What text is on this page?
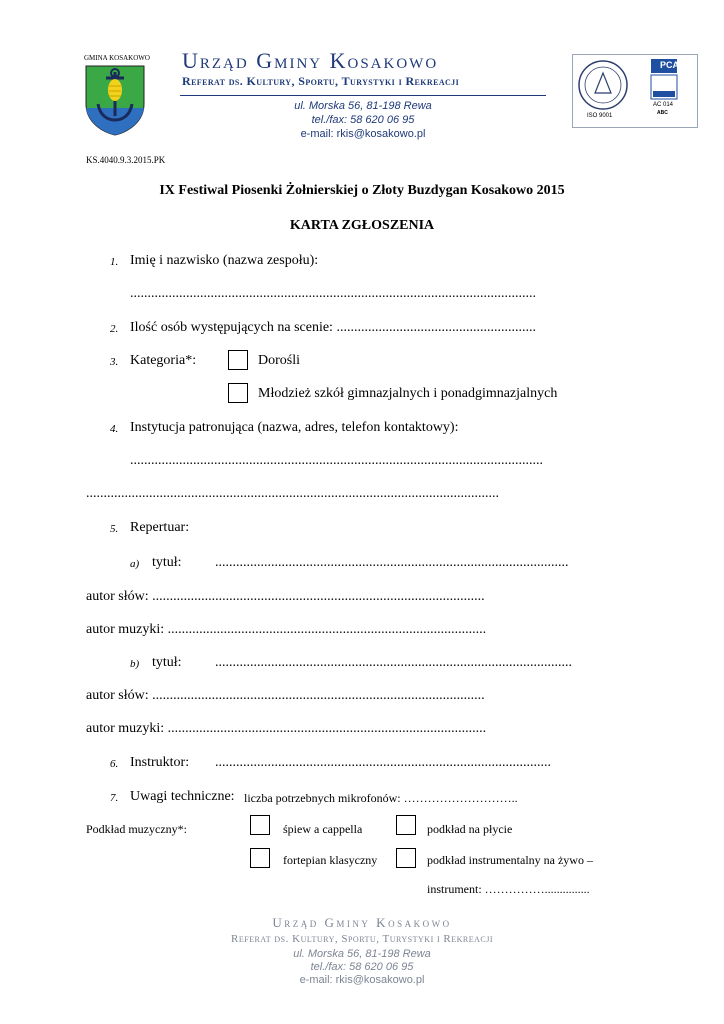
GMINA KOSAKOWO Urząd Gminy Kosakowo
Referat ds. Kultury, Sportu, Turystyki i Rekreacji
ul. Morska 56, 81-198 Rewa
tel./fax: 58 620 06 95
e-mail: rkis@kosakowo.pl
PCA
ISO 9001
AC 014
ABC
KS.4040.9.3.2015.PK
IX Festiwal Piosenki Żołnierskiej o Złoty Buzdygan Kosakowo 2015
KARTA ZGŁOSZENIA
1. Imię i nazwisko (nazwa zespołu):
....................................................................................................................
2. Ilość osób występujących na scenie: .........................................................
3. Kategoria*:	Dorośli
Młodzież szkół gimnazjalnych i ponadgimnazjalnych
4. Instytucja patronująca (nazwa, adres, telefon kontaktowy):
......................................................................................................................
......................................................................................................................
5. Repertuar:
a) tytuł: .....................................................................................................
autor słów: ...............................................................................................
autor muzyki: ...........................................................................................
b) tytuł: ......................................................................................................
autor słów: ...............................................................................................
autor muzyki: ...........................................................................................
6. Instruktor: ................................................................................................
7. Uwagi techniczne: liczba potrzebnych mikrofonów: ………………………..
Podkład muzyczny*:	śpiew a cappella	podkład na płycie
fortepian klasyczny	podkład instrumentalny na żywo –
instrument: ……………...............
Urząd Gminy Kosakowo
Referat ds. Kultury, Sportu, Turystyki i Rekreacji
ul. Morska 56, 81-198 Rewa
tel./fax: 58 620 06 95
e-mail: rkis@kosakowo.pl
